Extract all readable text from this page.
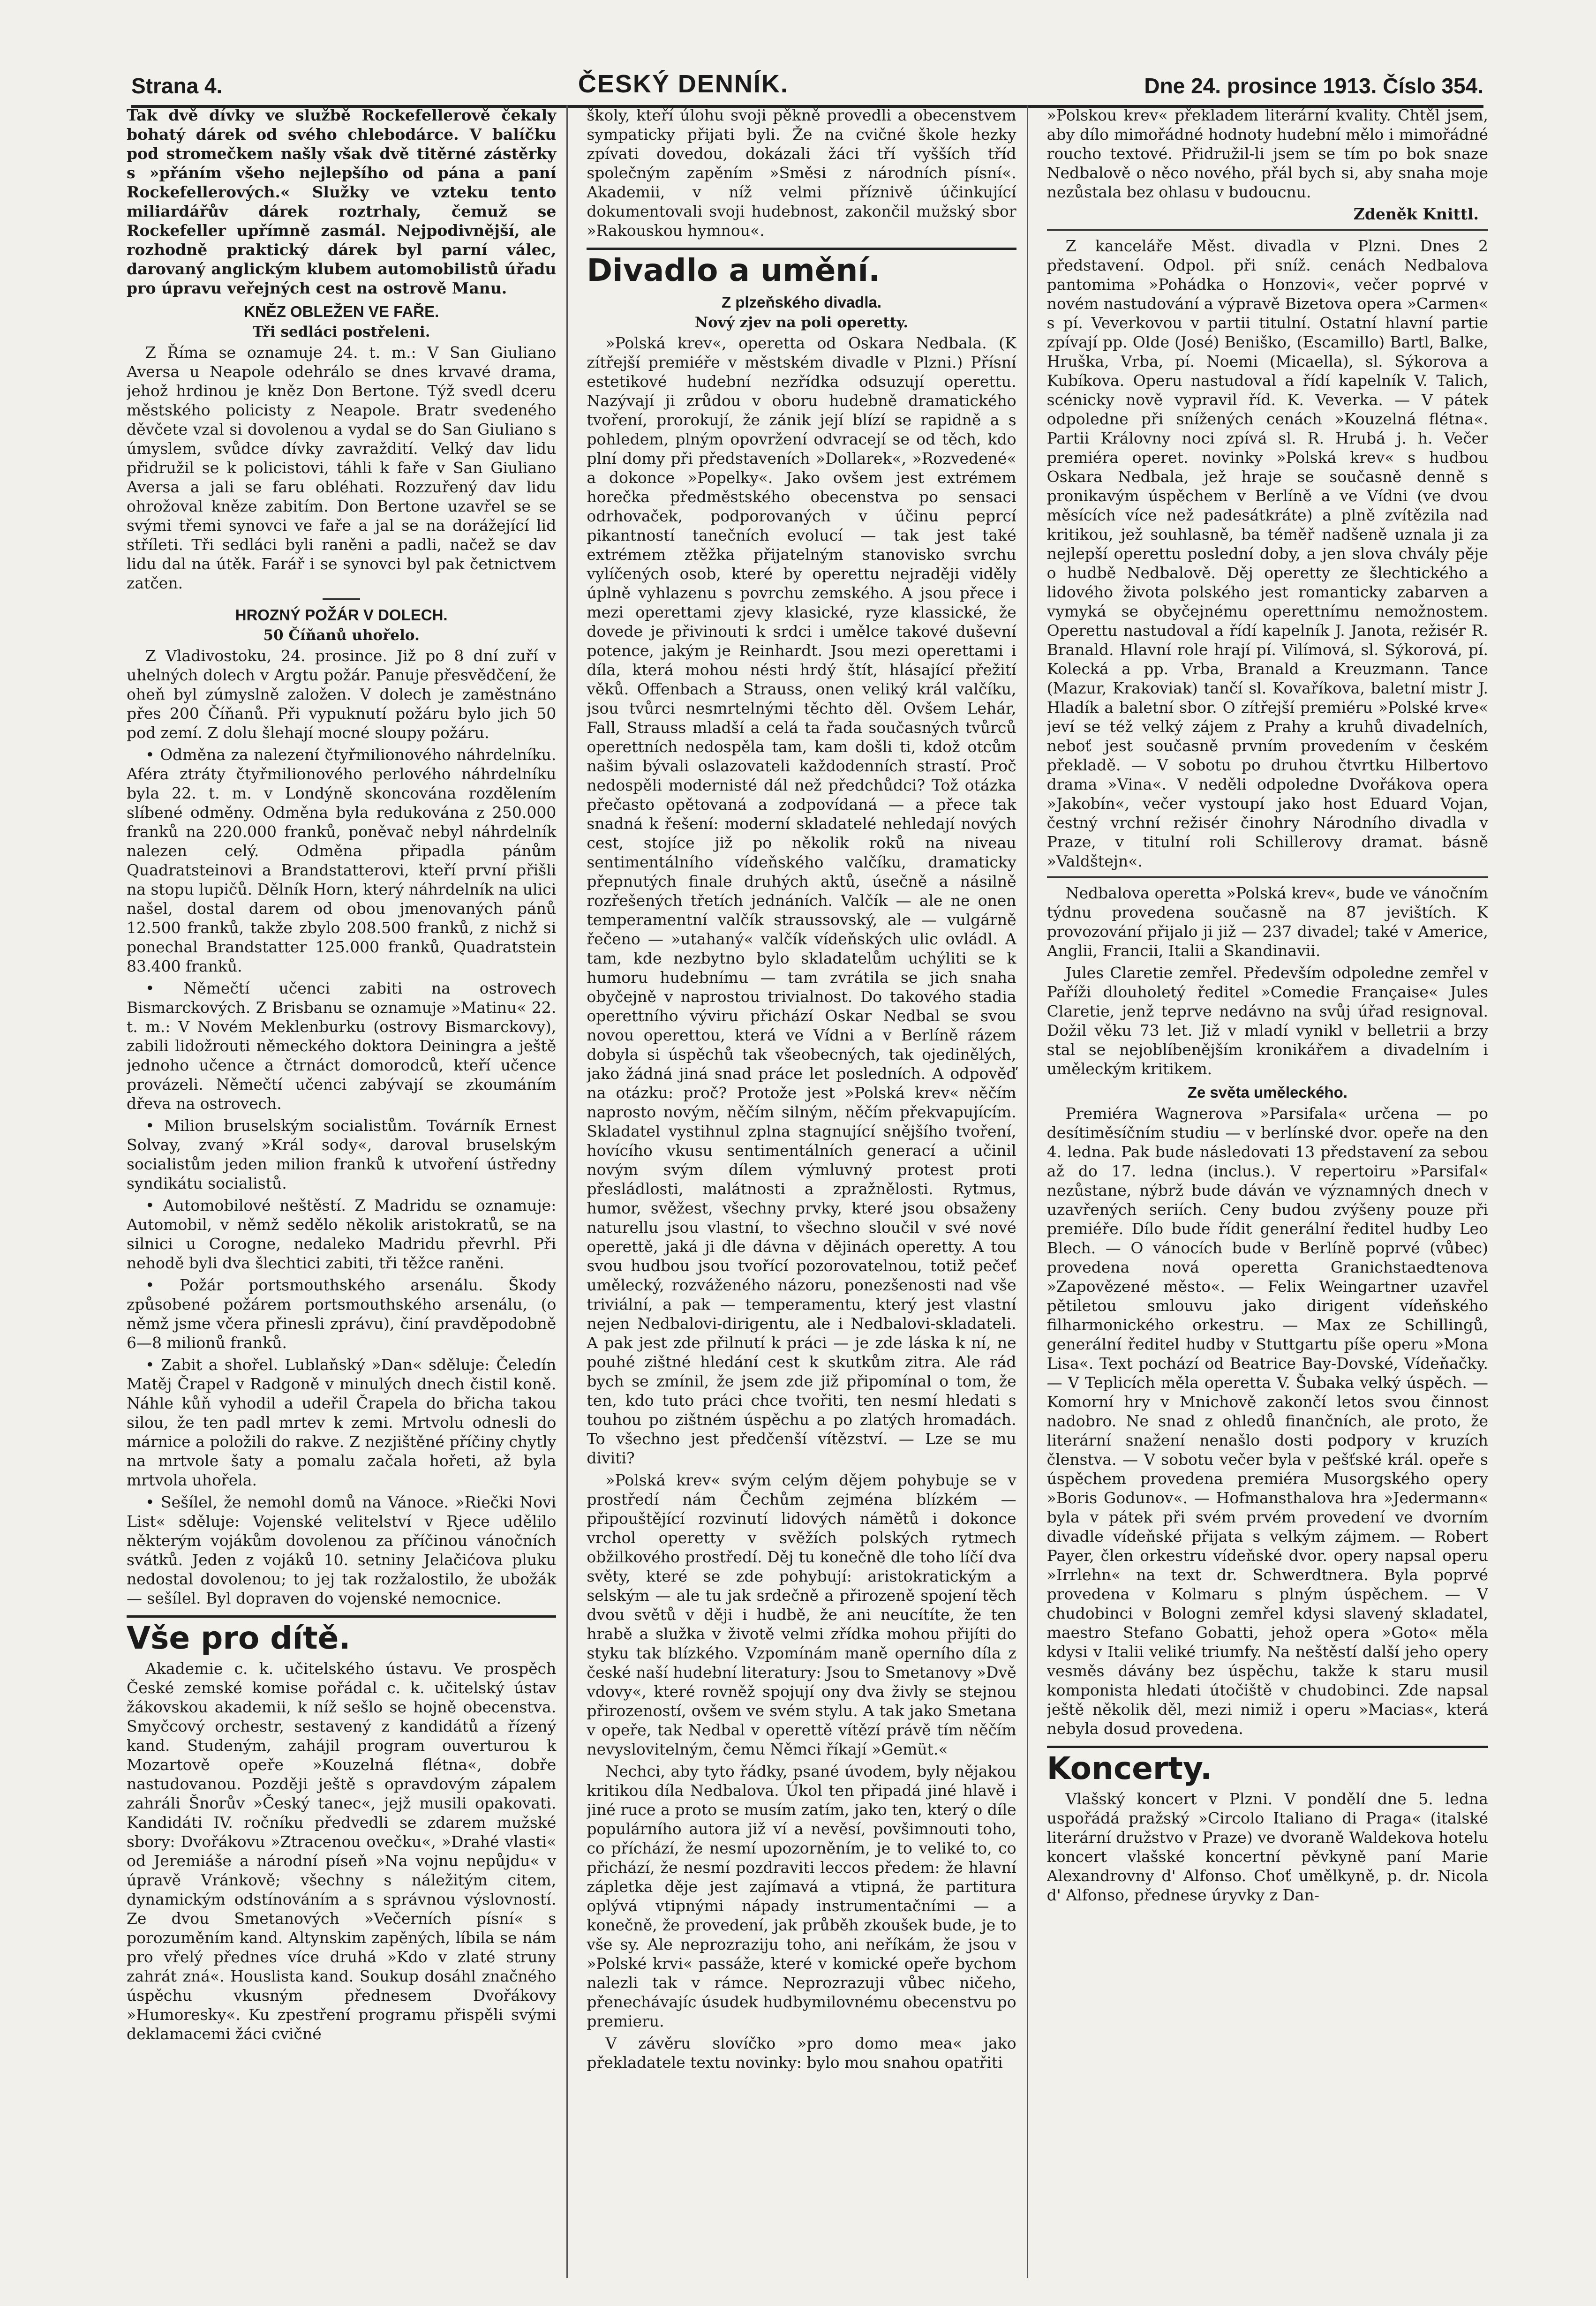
Strana 4.	ČESKÝ DENNÍK.	Dne 24. prosince 1913. Číslo 354.

Tak dvě dívky ve službě Rockefellerově čekaly bohatý dárek od svého chlebodárce. V balíčku pod stromečkem našly však dvě titěrné zástěrky s »přáním všeho nejlepšího od pána a paní Rockefellerových.« Služky ve vzteku tento miliardářův dárek roztrhaly, čemuž se Rockefeller upřímně zasmál. Nejpodivnější, ale rozhodně praktický dárek byl parní válec, darovaný anglickým klubem automobilistů úřadu pro úpravu veřejných cest na ostrově Manu.

KNĚZ OBLEŽEN VE FAŘE.
Tři sedláci postřeleni.

Z Říma se oznamuje 24. t. m.: V San Giuliano Aversa u Neapole odehrálo se dnes krvavé drama, jehož hrdinou je kněz Don Bertone. Týž svedl dceru městského policisty z Neapole. Bratr svedeného děvčete vzal si dovolenou a vydal se do San Giuliano s úmyslem, svůdce dívky zavraždití. Velký dav lidu přidružil se k policistovi, táhli k faře v San Giuliano Aversa a jali se faru obléhati. Rozzuřený dav lidu ohrožoval kněze zabitím. Don Bertone uzavřel se se svými třemi synovci ve faře a jal se na dorážející lid stříleti. Tři sedláci byli raněni a padli, načež se dav lidu dal na útěk. Farář i se synovci byl pak četnictvem zatčen.

HROZNÝ POŽÁR V DOLECH.
50 Číňanů uhořelo.

Z Vladivostoku, 24. prosince. Již po 8 dní zuří v uhelných dolech v Argtu požár. Panuje přesvědčení, že oheň byl zúmyslně založen. V dolech je zaměstnáno přes 200 Číňanů. Při vypuknutí požáru bylo jich 50 pod zemí. Z dolu šlehají mocné sloupy požáru.

• Odměna za nalezení čtyřmilionového náhrdelníku. Aféra ztráty čtyřmilionového perlového náhrdelníku byla 22. t. m. v Londýně skoncována rozdělením slíbené odměny. Odměna byla redukována z 250.000 franků na 220.000 franků, poněvač nebyl náhrdelník nalezen celý. Odměna připadla pánům Quadratsteinovi a Brandstatterovi, kteří první přišli na stopu lupičů. Dělník Horn, který náhrdelník na ulici našel, dostal darem od obou jmenovaných pánů 12.500 franků, takže zbylo 208.500 franků, z nichž si ponechal Brandstatter 125.000 franků, Quadratstein 83.400 franků.

• Němečtí učenci zabiti na ostrovech Bismarckových. Z Brisbanu se oznamuje »Matinu« 22. t. m.: V Novém Meklenburku (ostrovy Bismarckovy), zabili lidožrouti německého doktora Deiningra a ještě jednoho učence a čtrnáct domorodců, kteří učence provázeli. Němečtí učenci zabývají se zkoumáním dřeva na ostrovech.

• Milion bruselským socialistům. Továrník Ernest Solvay, zvaný »Král sody«, daroval bruselským socialistům jeden milion franků k utvoření ústředny syndikátu socialistů.

• Automobilové neštěstí. Z Madridu se oznamuje: Automobil, v němž sedělo několik aristokratů, se na silnici u Corogne, nedaleko Madridu převrhl. Při nehodě byli dva šlechtici zabiti, tři těžce raněni.

• Požár portsmouthského arsenálu. Škody způsobené požárem portsmouthského arsenálu, (o němž jsme včera přinesli zprávu), činí pravděpodobně 6—8 milionů franků.

• Zabit a shořel. Lublaňský »Dan« sděluje: Čeledín Matěj Črapel v Radgoně v minulých dnech čistil koně. Náhle kůň vyhodil a udeřil Črapela do břicha takou silou, že ten padl mrtev k zemi. Mrtvolu odnesli do márnice a položili do rakve. Z nezjištěné příčiny chytly na mrtvole šaty a pomalu začala hořeti, až byla mrtvola uhořela.

• Sešílel, že nemohl domů na Vánoce. »Riečki Novi List« sděluje: Vojenské velitelství v Rjece udělilo některým vojákům dovolenou za příčinou vánočních svátků. Jeden z vojáků 10. setniny Jelačićova pluku nedostal dovolenou; to jej tak rozžalostilo, že ubožák — sešílel. Byl dopraven do vojenské nemocnice.

Vše pro dítě.

Akademie c. k. učitelského ústavu. Ve prospěch České zemské komise pořádal c. k. učitelský ústav žákovskou akademii, k níž sešlo se hojně obecenstva. Smyčcový orchestr, sestavený z kandidátů a řízený kand. Studeným, zahájil program ouverturou k Mozartově opeře »Kouzelná flétna«, dobře nastudovanou. Později ještě s opravdovým zápalem zahráli Šnorův »Český tanec«, jejž musili opakovati. Kandidáti IV. ročníku předvedli se zdarem mužské sbory: Dvořákovu »Ztracenou ovečku«, »Drahé vlasti« od Jeremiáše a národní píseň »Na vojnu nepůjdu« v úpravě Vránkově; všechny s náležitým citem, dynamickým odstínováním a s správnou výslovností. Ze dvou Smetanových »Večerních písní« s porozuměním kand. Altynskim zapěných, líbila se nám pro vřelý přednes více druhá »Kdo v zlaté struny zahrát zná«. Houslista kand. Soukup dosáhl značného úspěchu vkusným přednesem Dvořákovy »Humoresky«. Ku zpestření programu přispěli svými deklamacemi žáci cvičné

školy, kteří úlohu svoji pěkně provedli a obecenstvem sympaticky přijati byli. Že na cvičné škole hezky zpívati dovedou, dokázali žáci tří vyšších tříd společným zapěním »Směsi z národních písní«. Akademii, v níž velmi příznivě účinkující dokumentovali svoji hudebnost, zakončil mužský sbor »Rakouskou hymnou«.

Divadlo a umění.
Z plzeňského divadla.
Nový zjev na poli operetty.

»Polská krev«, operetta od Oskara Nedbala. (K zítřejší premiéře v městském divadle v Plzni.) Přísní estetikové hudební nezřídka odsuzují operettu. Nazývají ji zrůdou v oboru hudebně dramatického tvoření, prorokují, že zánik její blízí se rapidně a s pohledem, plným opovržení odvracejí se od těch, kdo plní domy při představeních »Dollarek«, »Rozvedené« a dokonce »Popelky«. Jako ovšem jest extrémem horečka předměstského obecenstva po sensaci odrhovaček, podporovaných v účinu peprcí pikantností tanečních evolucí — tak jest také extrémem ztěžka přijatelným stanovisko svrchu vylíčených osob, které by operettu nejraději viděly úplně vyhlazenu s povrchu zemského. A jsou přece i mezi operettami zjevy klasické, ryze klassické, že dovede je přivinouti k srdci i umělce takové duševní potence, jakým je Reinhardt. Jsou mezi operettami i díla, která mohou nésti hrdý štít, hlásající přežití věků. Offenbach a Strauss, onen veliký král valčíku, jsou tvůrci nesmrtelnými těchto děl. Ovšem Lehár, Fall, Strauss mladší a celá ta řada současných tvůrců operettních nedospěla tam, kam došli ti, kdož otcům našim bývali oslazovateli každodenních strastí. Proč nedospěli modernisté dál než předchůdci? Tož otázka přečasto opětovaná a zodpovídaná — a přece tak snadná k řešení: moderní skladatelé nehledají nových cest, stojíce již po několik roků na niveau sentimentálního vídeňského valčíku, dramaticky přepnutých finale druhých aktů, úsečně a násilně rozřešených třetích jednáních. Valčík — ale ne onen temperamentní valčík straussovský, ale — vulgárně řečeno — »utahaný« valčík vídeňských ulic ovládl. A tam, kde nezbytno bylo skladatelům uchýliti se k humoru hudebnímu — tam zvrátila se jich snaha obyčejně v naprostou trivialnost. Do takového stadia operettního výviru přichází Oskar Nedbal se svou novou operettou, která ve Vídni a v Berlíně rázem dobyla si úspěchů tak všeobecných, tak ojedinělých, jako žádná jiná snad práce let posledních. A odpověď na otázku: proč? Protože jest »Polská krev« něčím naprosto novým, něčím silným, něčím překvapujícím. Skladatel vystihnul zplna stagnující snějšího tvoření, hovícího vkusu sentimentálních generací a učinil novým svým dílem výmluvný protest proti přesládlosti, malátnosti a zpražnělosti. Rytmus, humor, svěžest, všechny prvky, které jsou obsaženy naturellu jsou vlastní, to všechno sloučil v své nové operettě, jaká ji dle dávna v dějinách operetty. A tou svou hudbou jsou tvořící pozorovatelnou, totiž pečeť umělecký, rozváženého názoru, ponezšenosti nad vše triviální, a pak — temperamentu, který jest vlastní nejen Nedbalovi-dirigentu, ale i Nedbalovi-skladateli. A pak jest zde přilnutí k práci — je zde láska k ní, ne pouhé zištné hledání cest k skutkům zitra. Ale rád bych se zmínil, že jsem zde již připomínal o tom, že ten, kdo tuto práci chce tvořiti, ten nesmí hledati s touhou po zištném úspěchu a po zlatých hromadách. To všechno jest předčenší vítězství. — Lze se mu diviti?

»Polská krev« svým celým dějem pohybuje se v prostředí nám Čechům zejména blízkém — připouštějící rozvinutí lidových námětů i dokonce vrchol operetty v svěžích polských rytmech obžilkového prostředí. Děj tu konečně dle toho líčí dva světy, které se zde pohybují: aristokratickým a selským — ale tu jak srdečně a přirozeně spojení těch dvou světů v ději i hudbě, že ani neucítíte, že ten hrabě a služka v životě velmi zřídka mohou přijíti do styku tak blízkého. Vzpomínám maně operního díla z české naší hudební literatury: Jsou to Smetanovy »Dvě vdovy«, které rovněž spojují ony dva živly se stejnou přirozeností, ovšem ve svém stylu. A tak jako Smetana v opeře, tak Nedbal v operettě vítězí právě tím něčím nevyslovitelným, čemu Němci říkají »Gemüt.«

Nechci, aby tyto řádky, psané úvodem, byly nějakou kritikou díla Nedbalova. Úkol ten připadá jiné hlavě i jiné ruce a proto se musím zatím, jako ten, který o díle populárního autora již ví a nevěsí, povšimnouti toho, co příchází, že nesmí upozorněním, je to veliké to, co přichází, že nesmí pozdraviti leccos předem: že hlavní zápletka děje jest zajímavá a vtipná, že partitura oplývá vtipnými nápady instrumentačními — a konečně, že provedení, jak průběh zkoušek bude, je to vše sy. Ale neprozraziju toho, ani neříkám, že jsou v »Polské krvi« passáže, které v komické opeře bychom nalezli tak v rámce. Neprozrazuji vůbec ničeho, přenechávajíc úsudek hudbymilovnému obecenstvu po premieru.

V závěru slovíčko »pro domo mea« jako překladatele textu novinky: bylo mou snahou opatřiti

»Polskou krev« překladem literární kvality. Chtěl jsem, aby dílo mimořádné hodnoty hudební mělo i mimořádné roucho textové. Přidružil-li jsem se tím po bok snaze Nedbalově o něco nového, přál bych si, aby snaha moje nezůstala bez ohlasu v budoucnu.

Zdeněk Knittl.

Z kanceláře Měst. divadla v Plzni. Dnes 2 představení. Odpol. při sníž. cenách Nedbalova pantomima »Pohádka o Honzovi«, večer poprvé v novém nastudování a výpravě Bizetova opera »Carmen« s pí. Veverkovou v partii titulní. Ostatní hlavní partie zpívají pp. Olde (José) Beniško, (Escamillo) Bartl, Balke, Hruška, Vrba, pí. Noemi (Micaella), sl. Sýkorova a Kubíkova. Operu nastudoval a řídí kapelník V. Talich, scénicky nově vypravil říd. K. Veverka. — V pátek odpoledne při snížených cenách »Kouzelná flétna«. Partii Královny noci zpívá sl. R. Hrubá j. h. Večer premiéra operet. novinky »Polská krev« s hudbou Oskara Nedbala, jež hraje se současně denně s pronikavým úspěchem v Berlíně a ve Vídni (ve dvou měsících více než padesátkráte) a plně zvítězila nad kritikou, jež souhlasně, ba téměř nadšeně uznala ji za nejlepší operettu poslední doby, a jen slova chvály pěje o hudbě Nedbalově. Děj operetty ze šlechtického a lidového života polského jest romanticky zabarven a vymyká se obyčejnému operettnímu nemožnostem. Operettu nastudoval a řídí kapelník J. Janota, režisér R. Branald. Hlavní role hrají pí. Vilímová, sl. Sýkorová, pí. Kolecká a pp. Vrba, Branald a Kreuzmann. Tance (Mazur, Krakoviak) tančí sl. Kovaříkova, baletní mistr J. Hladík a baletní sbor. O zítřejší premiéru »Polské krve« jeví se též velký zájem z Prahy a kruhů divadelních, neboť jest současně prvním provedením v českém překladě. — V sobotu po druhou čtvrtku Hilbertovo drama »Vina«. V neděli odpoledne Dvořákova opera »Jakobín«, večer vystoupí jako host Eduard Vojan, čestný vrchní režisér činohry Národního divadla v Praze, v titulní roli Schillerovy dramat. básně »Valdštejn«.

Nedbalova operetta »Polská krev«, bude ve vánočním týdnu provedena současně na 87 jevištích. K provozování přijalo ji již — 237 divadel; také v Americe, Anglii, Francii, Italii a Skandinavii.

Jules Claretie zemřel. Především odpoledne zemřel v Paříži dlouholetý ředitel »Comedie Française« Jules Claretie, jenž teprve nedávno na svůj úřad resignoval. Dožil věku 73 let. Již v mladí vynikl v belletrii a brzy stal se nejoblíbenějším kronikářem a divadelním i uměleckým kritikem.

Ze světa uměleckého.

Premiéra Wagnerova »Parsifala« určena — po desítiměsíčním studiu — v berlínské dvor. opeře na den 4. ledna. Pak bude následovati 13 představení za sebou až do 17. ledna (inclus.). V repertoiru »Parsifal« nezůstane, nýbrž bude dáván ve významných dnech v uzavřených seriích. Ceny budou zvýšeny pouze při premiéře. Dílo bude řídit generální ředitel hudby Leo Blech. — O vánocích bude v Berlíně poprvé (vůbec) provedena nová operetta Granichstaedtenova »Zapovězené město«. — Felix Weingartner uzavřel pětiletou smlouvu jako dirigent vídeňského filharmonického orkestru. — Max ze Schillingů, generální ředitel hudby v Stuttgartu píše operu »Mona Lisa«. Text pochází od Beatrice Bay-Dovské, Vídeňačky. — V Teplicích měla operetta V. Šubaka velký úspěch. — Komorní hry v Mnichově zakončí letos svou činnost nadobro. Ne snad z ohledů finančních, ale proto, že literární snažení nenašlo dosti podpory v kruzích členstva. — V sobotu večer byla v pešťské král. opeře s úspěchem provedena premiéra Musorgského opery »Boris Godunov«. — Hofmansthalova hra »Jedermann« byla v pátek při svém prvém provedení ve dvorním divadle vídeňské přijata s velkým zájmem. — Robert Payer, člen orkestru vídeňské dvor. opery napsal operu »Irrlehn« na text dr. Schwerdtnera. Byla poprvé provedena v Kolmaru s plným úspěchem. — V chudobinci v Bologni zemřel kdysi slavený skladatel, maestro Stefano Gobatti, jehož opera »Goto« měla kdysi v Italii veliké triumfy. Na neštěstí další jeho opery vesměs dávány bez úspěchu, takže k staru musil komponista hledati útočiště v chudobinci. Zde napsal ještě několik děl, mezi nimiž i operu »Macias«, která nebyla dosud provedena.

Koncerty.

Vlašský koncert v Plzni. V pondělí dne 5. ledna uspořádá pražský »Circolo Italiano di Praga« (italské literární družstvo v Praze) ve dvoraně Waldekova hotelu koncert vlašské koncertní pěvkyně paní Marie Alexandrovny d' Alfonso. Choť umělkyně, p. dr. Nicola d' Alfonso, přednese úryvky z Dan-
